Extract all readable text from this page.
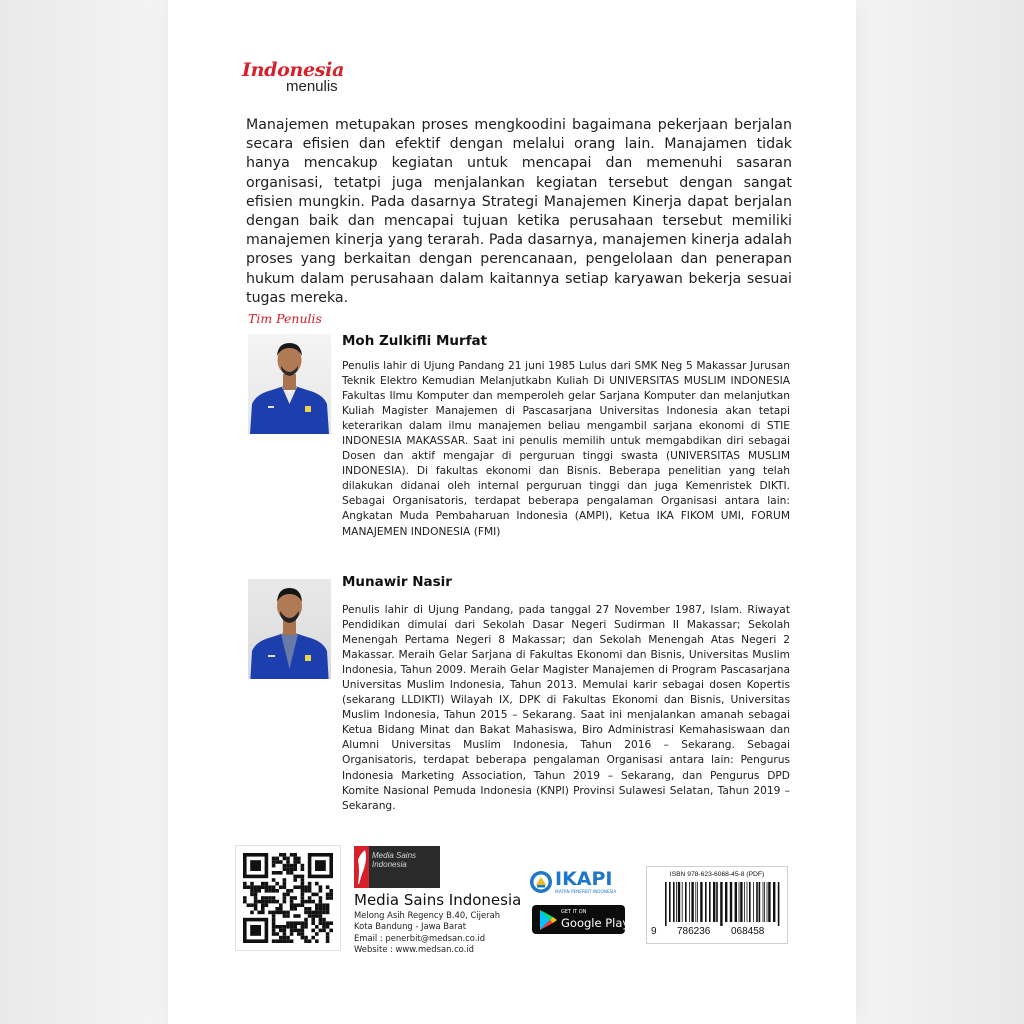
Indonesia
menulis

Manajemen metupakan proses mengkoodini bagaimana pekerjaan berjalan secara efisien dan efektif dengan melalui orang lain. Manajamen tidak hanya mencakup kegiatan untuk mencapai dan memenuhi sasaran organisasi, tetatpi juga menjalankan kegiatan tersebut dengan sangat efisien mungkin. Pada dasarnya Strategi Manajemen Kinerja dapat berjalan dengan baik dan mencapai tujuan ketika perusahaan tersebut memiliki manajemen kinerja yang terarah. Pada dasarnya, manajemen kinerja adalah proses yang berkaitan dengan perencanaan, pengelolaan dan penerapan hukum dalam perusahaan dalam kaitannya setiap karyawan bekerja sesuai tugas mereka.

Tim Penulis
Moh Zulkifli Murfat

Penulis lahir di Ujung Pandang 21 juni 1985 Lulus dari SMK Neg 5 Makassar Jurusan Teknik Elektro Kemudian Melanjutkabn Kuliah Di UNIVERSITAS MUSLIM INDONESIA Fakultas Ilmu Komputer dan memperoleh gelar Sarjana Komputer dan melanjutkan Kuliah Magister Manajemen di Pascasarjana Universitas Indonesia akan tetapi keterarikan dalam ilmu manajemen beliau mengambil sarjana ekonomi di STIE INDONESIA MAKASSAR. Saat ini penulis memilih untuk memgabdikan diri sebagai Dosen dan aktif mengajar di perguruan tinggi swasta (UNIVERSITAS MUSLIM INDONESIA). Di fakultas ekonomi dan Bisnis. Beberapa penelitian yang telah dilakukan didanai oleh internal perguruan tinggi dan juga Kemenristek DIKTI. Sebagai Organisatoris, terdapat beberapa pengalaman Organisasi antara lain: Angkatan Muda Pembaharuan Indonesia (AMPI), Ketua IKA FIKOM UMI, FORUM MANAJEMEN INDONESIA (FMI)

Munawir Nasir

Penulis lahir di Ujung Pandang, pada tanggal 27 November 1987, Islam. Riwayat Pendidikan dimulai dari Sekolah Dasar Negeri Sudirman II Makassar; Sekolah Menengah Pertama Negeri 8 Makassar; dan Sekolah Menengah Atas Negeri 2 Makassar. Meraih Gelar Sarjana di Fakultas Ekonomi dan Bisnis, Universitas Muslim Indonesia, Tahun 2009. Meraih Gelar Magister Manajemen di Program Pascasarjana Universitas Muslim Indonesia, Tahun 2013. Memulai karir sebagai dosen Kopertis (sekarang LLDIKTI) Wilayah IX, DPK di Fakultas Ekonomi dan Bisnis, Universitas Muslim Indonesia, Tahun 2015 – Sekarang. Saat ini menjalankan amanah sebagai Ketua Bidang Minat dan Bakat Mahasiswa, Biro Administrasi Kemahasiswaan dan Alumni Universitas Muslim Indonesia, Tahun 2016 – Sekarang. Sebagai Organisatoris, terdapat beberapa pengalaman Organisasi antara lain: Pengurus Indonesia Marketing Association, Tahun 2019 – Sekarang, dan Pengurus DPD Komite Nasional Pemuda Indonesia (KNPI) Provinsi Sulawesi Selatan, Tahun 2019 – Sekarang.

Media Sains Indonesia
Media Sains Indonesia
Melong Asih Regency B.40, Cijerah
Kota Bandung - Jawa Barat
Email : penerbit@medsan.co.id
Website : www.medsan.co.id
IKAPI
IKATAN PENERBIT INDONESIA
GET IT ON
Google Play
ISBN 978-623-6068-45-8 (PDF)
9 786236 068458
